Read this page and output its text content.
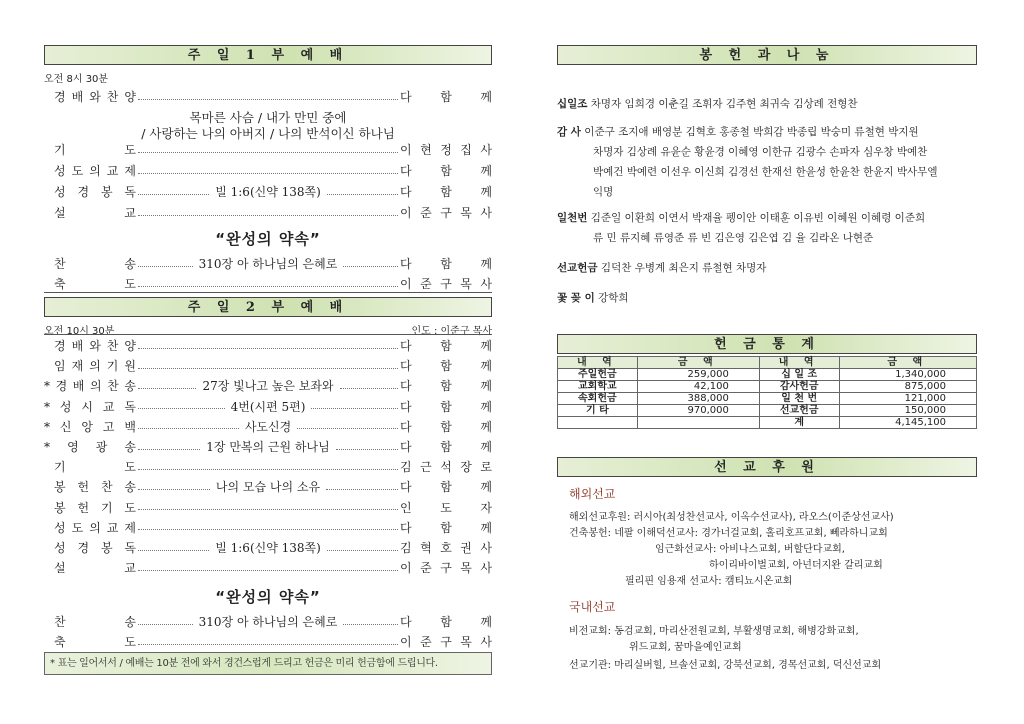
주 일 1 부 예 배
오전 8시 30분
경 배 와 찬 양	다 함 께
목마른 사슴 / 내가 만민 중에
/ 사랑하는 나의 아버지 / 나의 반석이신 하나님
기	도	이 현 정 집 사
성 도 의 교 제	다 함 께
성 경 봉 독	빌 1:6(신약 138쪽)	다 함 께
설	교	이 준 구 목 사
“완성의 약속”
찬	송	310장 아 하나님의 은혜로	다 함 께
축	도	이 준 구 목 사
주 일 2 부 예 배
오전 10시 30분	인도 : 이준구 목사
경 배 와 찬 양	다 함 께
임 재 의 기 원	다 함 께
* 경 배 의 찬 송	27장 빛나고 높은 보좌와	다 함 께
* 성 시 교 독	4번(시편 5편)	다 함 께
* 신 앙 고 백	사도신경	다 함 께
* 영 광 송	1장 만복의 근원 하나님	다 함 께
기	도	김 근 석 장 로
봉 헌 찬 송	나의 모습 나의 소유	다 함 께
봉 헌 기 도	인 도 자
성 도 의 교 제	다 함 께
성 경 봉 독	빌 1:6(신약 138쪽)	김 혁 호 권 사
설	교	이 준 구 목 사
“완성의 약속”
찬	송	310장 아 하나님의 은혜로	다 함 께
축	도	이 준 구 목 사
* 표는 일어서서 / 예배는 10분 전에 와서 경건스럽게 드리고 헌금은 미리 헌금함에 드립니다.
봉 헌 과 나 눔
십일조 차명자 임희경 이춘길 조휘자 김주현 최귀숙 김상례 전형찬
감 사 이준구 조지애 배영분 김혁호 홍종철 박희감 박종립 박숭미 류철현 박지원
차명자 김상례 유윤순 황윤경 이혜영 이한규 김광수 손파자 심우창 박예찬
박예건 박예련 이선우 이신희 김경선 한재선 한윤성 한윤찬 한윤지 박사무엘
익명
일천번 김준일 이환희 이연서 박재율 펭이안 이태훈 이유빈 이혜원 이혜령 이준희
류 민 류지혜 류영준 류 빈 김은영 김은엽 김 율 김라온 나현준
선교헌금 김덕찬 우병계 최은지 류철현 차명자
꽃 꽂 이 강학희
헌 금 통 계
내 역	금 액	내 역	금 액
주일헌금	259,000	십 일 조	1,340,000
교회학교	42,100	감사헌금	875,000
속회헌금	388,000	일 천 번	121,000
기 타	970,000	선교헌금	150,000
		계	4,145,100
선 교 후 원
해외선교
해외선교후원: 러시아(최성찬선교사, 이옥수선교사), 라오스(이준상선교사)
건축봉헌: 네팔 이해덕선교사: 경가너걸교회, 홀리호프교회, 뻬라하니교회
임근화선교사: 아비나스교회, 버할단다교회,
하이리바이벌교회, 아넌더지완 갈리교회
필리핀 임용재 선교사: 캠티뇨시온교회
국내선교
비전교회: 동검교회, 마리산전원교회, 부활생명교회, 해병강화교회,
위드교회, 꿈마을예인교회
선교기관: 마리실버힐, 브솔선교회, 강북선교회, 경목선교회, 덕신선교회
